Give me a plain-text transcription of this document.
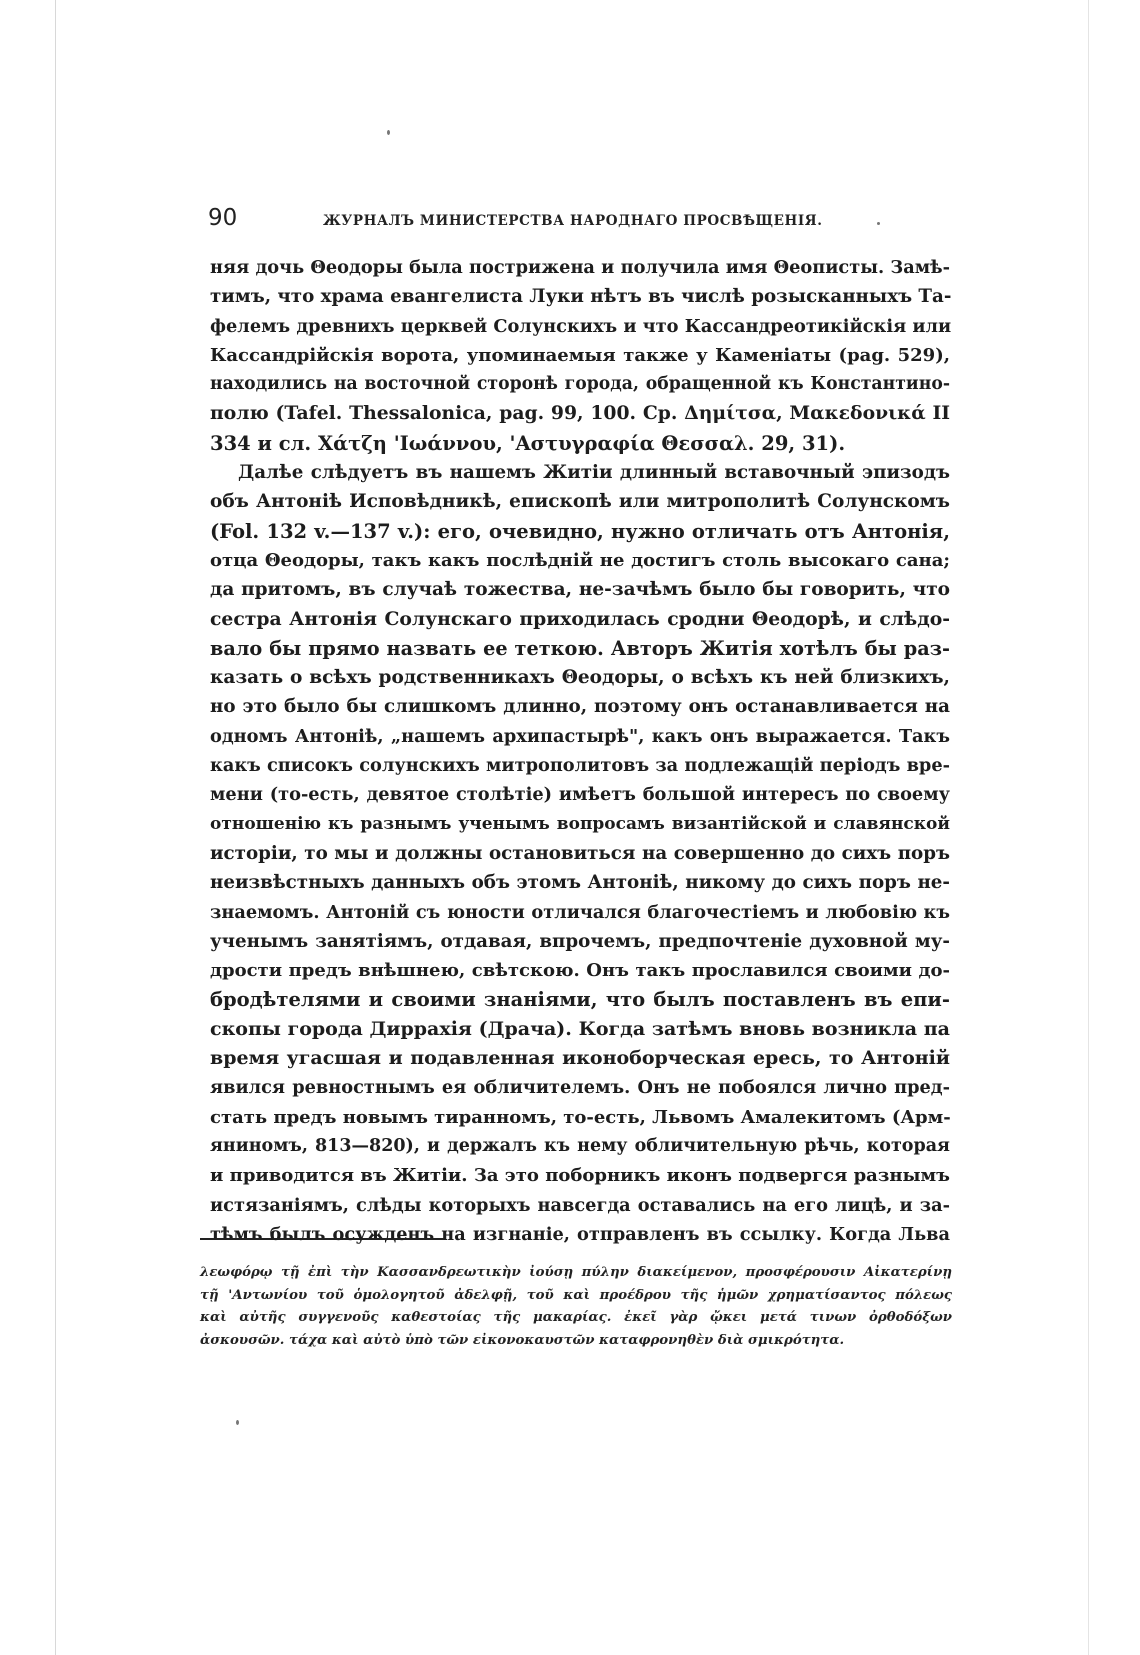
90	ЖУРНАЛЪ МИНИСТЕРСТВА НАРОДНАГО ПРОСВѢЩЕНІЯ.
няя дочь Θеодоры была пострижена и получила имя Θеописты. Замѣ-
тимъ, что храма евангелиста Луки нѣтъ въ числѣ розысканныхъ Та-
фелемъ древнихъ церквей Солунскихъ и что Кассандреотикійскія или
Кассандрійскія ворота, упоминаемыя также у Каменіаты (pag. 529),
находились на восточной сторонѣ города, обращенной къ Константино-
полю (Tafel. Thessalonica, pag. 99, 100. Ср. Δημίτσα, Μακεδονικά II
334 и сл. Χάτζη 'Ιωάννου, 'Αστυγραφία Θεσσαλ. 29, 31).
Далѣе слѣдуетъ въ нашемъ Житіи длинный вставочный эпизодъ
объ Антоніѣ Исповѣдникѣ, епископѣ или митрополитѣ Солунскомъ
(Fol. 132 v.—137 v.): его, очевидно, нужно отличать отъ Антонія,
отца Θеодоры, такъ какъ послѣдній не достигъ столь высокаго сана;
да притомъ, въ случаѣ тожества, не-зачѣмъ было бы говорить, что
сестра Антонія Солунскаго приходилась сродни Θеодорѣ, и слѣдо-
вало бы прямо назвать ее теткою. Авторъ Житія хотѣлъ бы раз-
казать о всѣхъ родственникахъ Θеодоры, о всѣхъ къ ней близкихъ,
но это было бы слишкомъ длинно, поэтому онъ останавливается на
одномъ Антоніѣ, „нашемъ архипастырѣ", какъ онъ выражается. Такъ
какъ списокъ солунскихъ митрополитовъ за подлежащій періодъ вре-
мени (то-есть, девятое столѣтіе) имѣетъ большой интересъ по своему
отношенію къ разнымъ ученымъ вопросамъ византійской и славянской
исторіи, то мы и должны остановиться на совершенно до сихъ поръ
неизвѣстныхъ данныхъ объ этомъ Антоніѣ, никому до сихъ поръ не-
знаемомъ. Антоній съ юности отличался благочестіемъ и любовію къ
ученымъ занятіямъ, отдавая, впрочемъ, предпочтеніе духовной му-
дрости предъ внѣшнею, свѣтскою. Онъ такъ прославился своими до-
бродѣтелями и своими знаніями, что былъ поставленъ въ епи-
скопы города Диррахія (Драча). Когда затѣмъ вновь возникла па
время угасшая и подавленная иконоборческая ересь, то Антоній
явился ревностнымъ ея обличителемъ. Онъ не побоялся лично пред-
стать предъ новымъ тиранномъ, то-есть, Львомъ Амалекитомъ (Арм-
яниномъ, 813—820), и держалъ къ нему обличительную рѣчь, которая
и приводится въ Житіи. За это поборникъ иконъ подвергся разнымъ
истязаніямъ, слѣды которыхъ навсегда оставались на его лицѣ, и за-
тѣмъ былъ осужденъ на изгнаніе, отправленъ въ ссылку. Когда Льва
λεωφόρῳ τῇ ἐπὶ τὴν Κασσανδρεωτικὴν ἰούσῃ πύλην διακείμενον, προσφέρουσιν Αἰκατερίνῃ
τῇ 'Αντωνίου τοῦ ὁμολογητοῦ ἀδελφῇ, τοῦ καὶ προέδρου τῆς ἡμῶν χρηματίσαντος πόλεως
καὶ αὐτῆς συγγενοῦς καθεστοίας τῆς μακαρίας. ἐκεῖ γὰρ ᾤκει μετά τινων ὀρθοδόξων
ἀσκουσῶν. τάχα καὶ αὐτὸ ὑπὸ τῶν εἰκονοκαυστῶν καταφρονηθὲν διὰ σμικρότητα.
